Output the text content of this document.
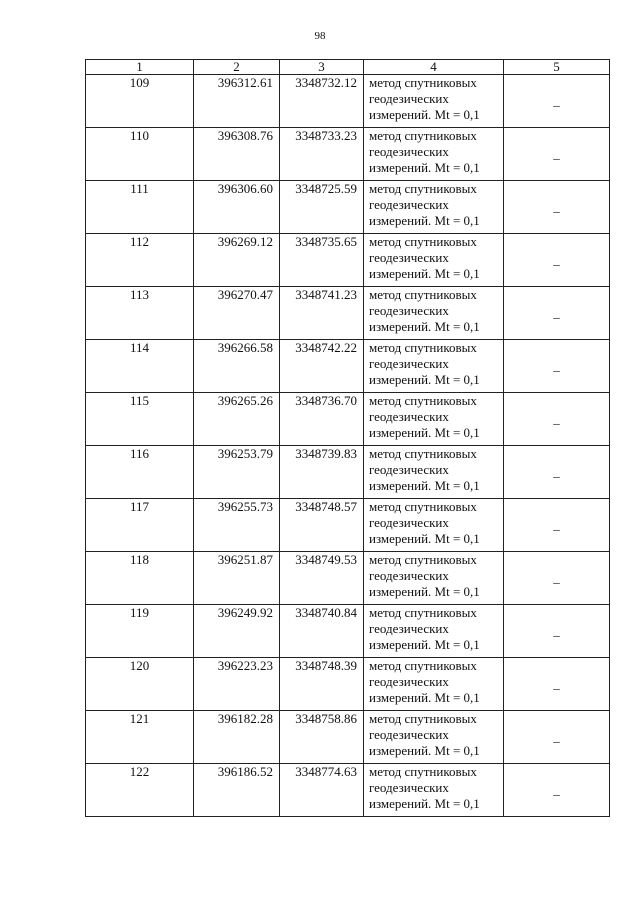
98
1	2	3	4	5
109	396312.61	3348732.12	метод спутниковых
геодезических
измерений. Mt = 0,1	_
110	396308.76	3348733.23	метод спутниковых
геодезических
измерений. Mt = 0,1	_
111	396306.60	3348725.59	метод спутниковых
геодезических
измерений. Mt = 0,1	_
112	396269.12	3348735.65	метод спутниковых
геодезических
измерений. Mt = 0,1	_
113	396270.47	3348741.23	метод спутниковых
геодезических
измерений. Mt = 0,1	_
114	396266.58	3348742.22	метод спутниковых
геодезических
измерений. Mt = 0,1	_
115	396265.26	3348736.70	метод спутниковых
геодезических
измерений. Mt = 0,1	_
116	396253.79	3348739.83	метод спутниковых
геодезических
измерений. Mt = 0,1	_
117	396255.73	3348748.57	метод спутниковых
геодезических
измерений. Mt = 0,1	_
118	396251.87	3348749.53	метод спутниковых
геодезических
измерений. Mt = 0,1	_
119	396249.92	3348740.84	метод спутниковых
геодезических
измерений. Mt = 0,1	_
120	396223.23	3348748.39	метод спутниковых
геодезических
измерений. Mt = 0,1	_
121	396182.28	3348758.86	метод спутниковых
геодезических
измерений. Mt = 0,1	_
122	396186.52	3348774.63	метод спутниковых
геодезических
измерений. Mt = 0,1	_
